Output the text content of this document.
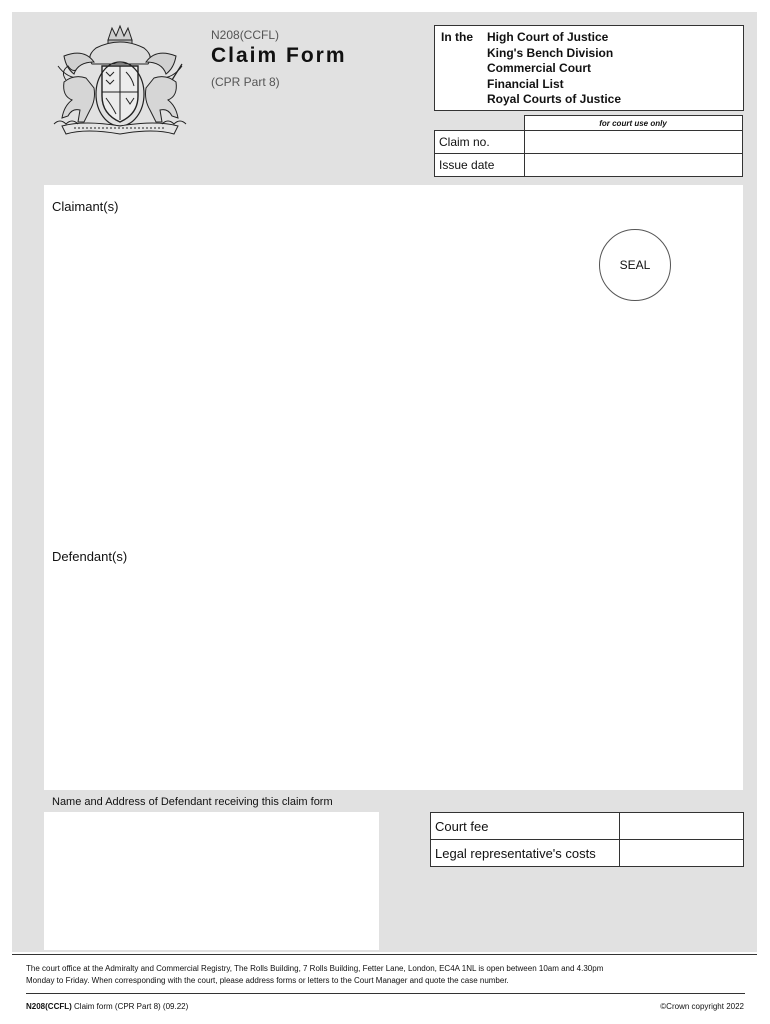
N208(CCFL)
Claim Form
(CPR Part 8)
In the High Court of Justice
King's Bench Division
Commercial Court
Financial List
Royal Courts of Justice
	for court use only
Claim no.	
Issue date	
Claimant(s)
SEAL
Defendant(s)
Name and Address of Defendant receiving this claim form
Court fee	
Legal representative's costs	
The court office at the Admiralty and Commercial Registry, The Rolls Building, 7 Rolls Building, Fetter Lane, London, EC4A 1NL is open between 10am and 4.30pm
Monday to Friday. When corresponding with the court, please address forms or letters to the Court Manager and quote the case number.
N208(CCFL) Claim form (CPR Part 8) (09.22)	©Crown copyright 2022
